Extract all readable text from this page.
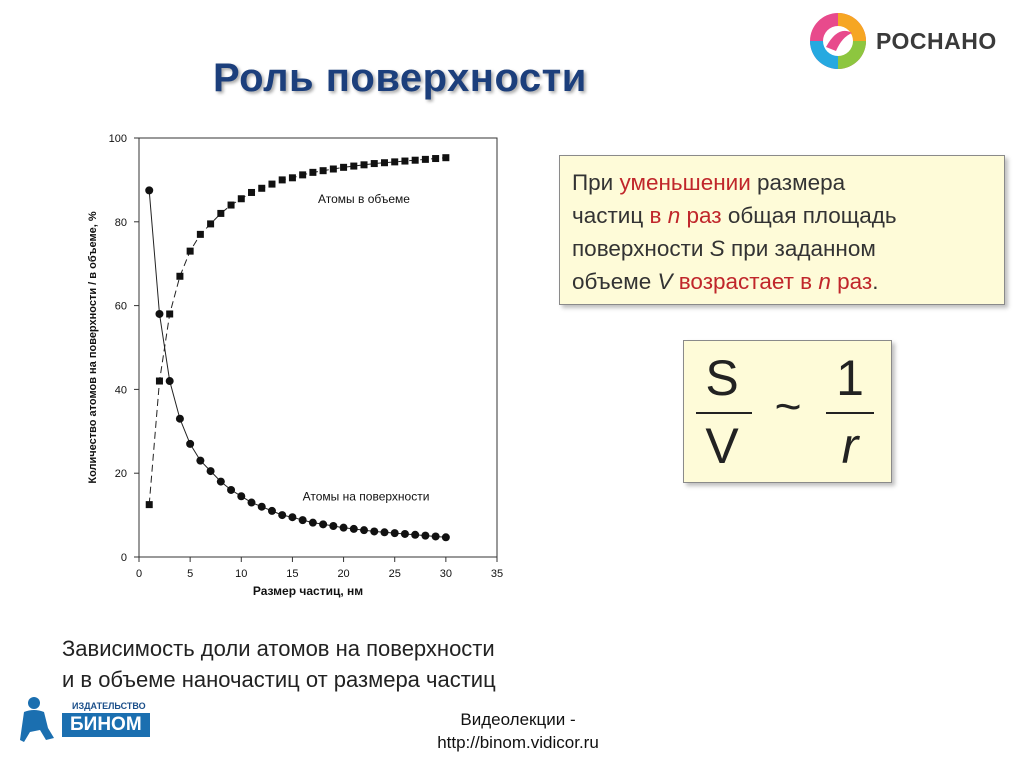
Роль поверхности
РОСНАНО
0	5	10	15	20	25	30	35
0
20
40
60
80
100
Атомы в объеме
Атомы на поверхности
Размер частиц, нм
Количество атомов на поверхности / в объеме, %
При уменьшении размера
частиц в n раз общая площадь
поверхности S при заданном
объеме V возрастает в n раз.
S
V
~ 1
r
Зависимость доли атомов на поверхности
и в объеме наночастиц от размера частиц
ИЗДАТЕЛЬСТВО
БИНОМ	Видеолекции -
http://binom.vidicor.ru
